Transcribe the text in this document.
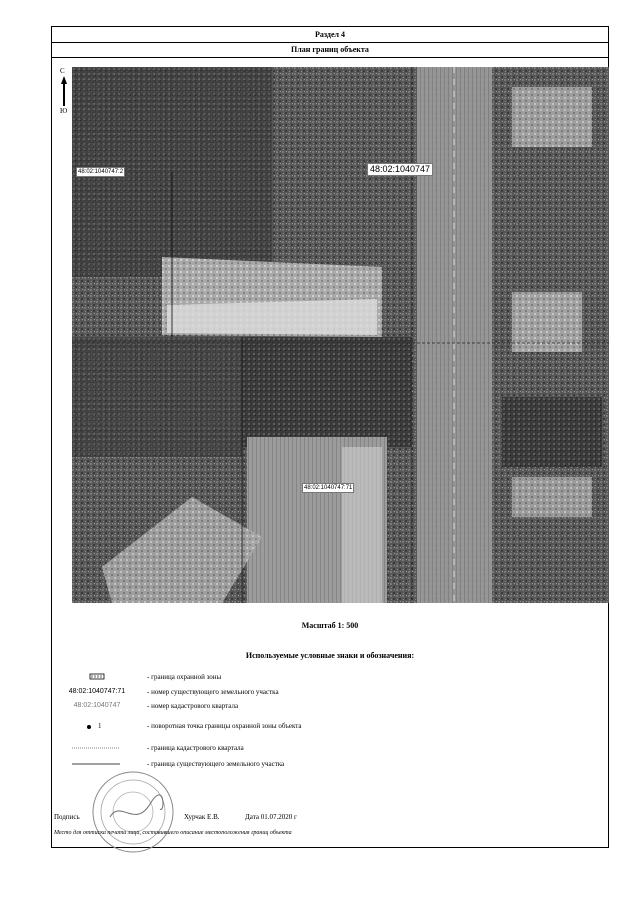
Раздел 4
План границ объекта
С
Ю
48:02:1040747:2	48:02:1040747
48:02:1040747:71
Масштаб 1: 500
Используемые условные знаки и обозначения:
- граница охранной зоны
48:02:1040747:71	- номер существующего земельного участка
48:02:1040747	- номер кадастрового квартала
1	- поворотная точка границы охранной зоны объекта
- граница кадастрового квартала
- граница существующего земельного участка
Подпись	Хурчак Е.В.	Дата 01.07.2020 г
Место для оттиска печати лица, составившего описание местоположения границ объекта
